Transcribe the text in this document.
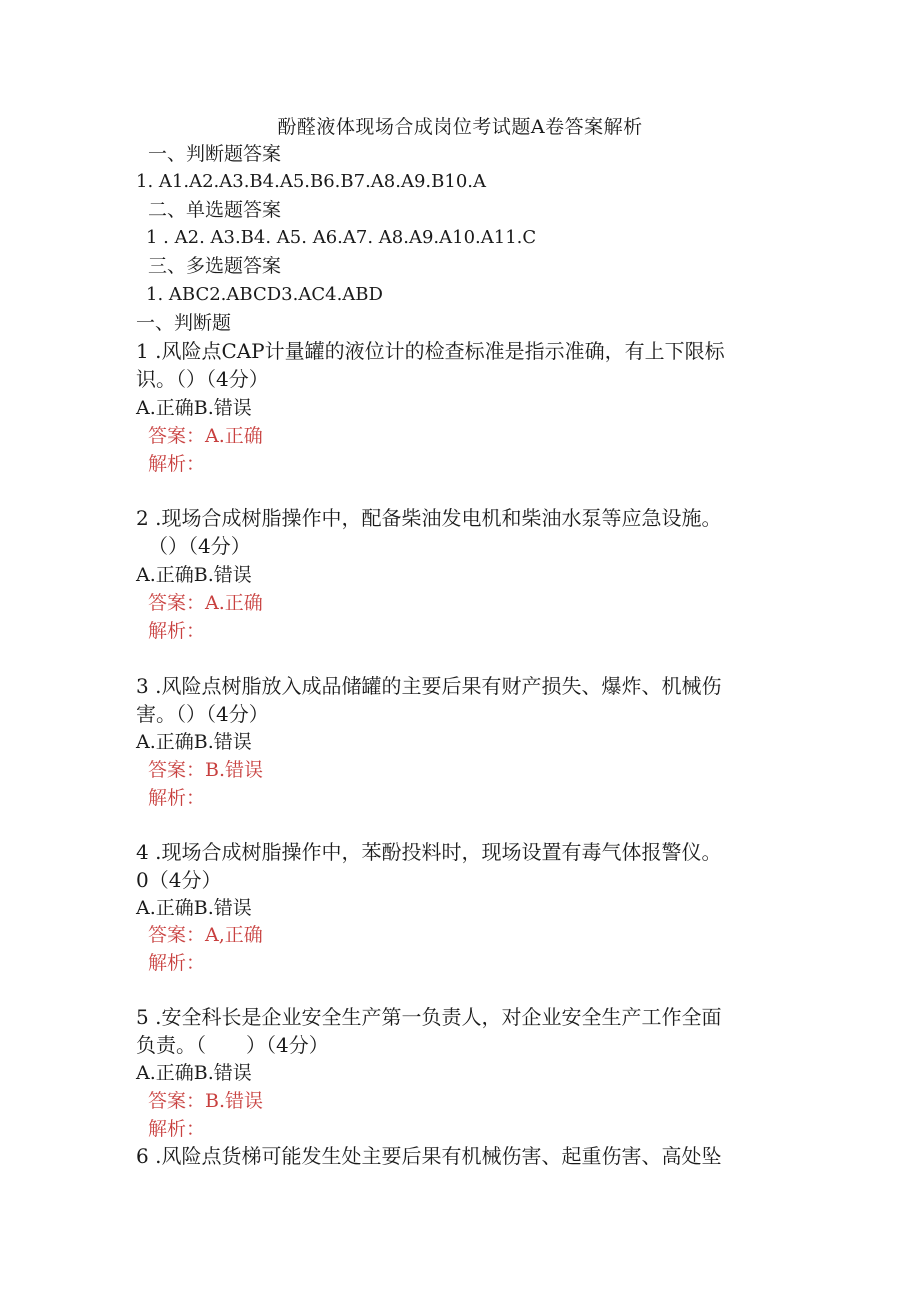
酚醛液体现场合成岗位考试题A卷答案解析
一、判断题答案
1. A1.A2.A3.B4.A5.B6.B7.A8.A9.B10.A
二、单选题答案
1 . A2. A3.B4. A5. A6.A7. A8.A9.A10.A11.C
三、多选题答案
1. ABC2.ABCD3.AC4.ABD
一、判断题
1 .风险点CAP计量罐的液位计的检查标准是指示准确，有上下限标
识。（）（4分）
A.正确B.错误
答案：A.正确
解析：
2 .现场合成树脂操作中，配备柴油发电机和柴油水泵等应急设施。
（）（4分）
A.正确B.错误
答案：A.正确
解析：
3 .风险点树脂放入成品储罐的主要后果有财产损失、爆炸、机械伤
害。（）（4分）
A.正确B.错误
答案：B.错误
解析：
4 .现场合成树脂操作中，苯酚投料时，现场设置有毒气体报警仪。
0（4分）
A.正确B.错误
答案：A,正确
解析：
5 .安全科长是企业安全生产第一负责人，对企业安全生产工作全面
负责。（　　）（4分）
A.正确B.错误
答案：B.错误
解析：
6 .风险点货梯可能发生处主要后果有机械伤害、起重伤害、高处坠
